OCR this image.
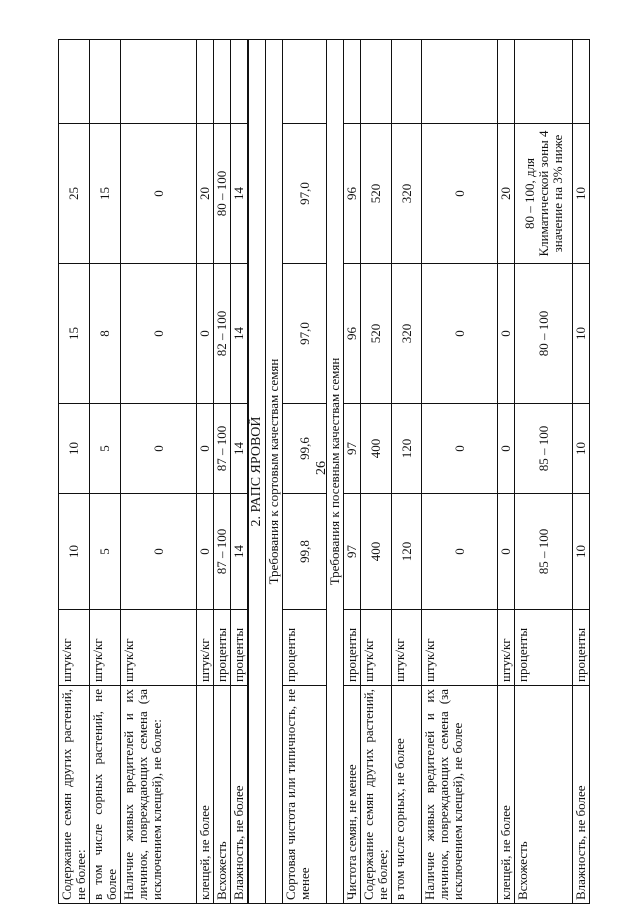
26
Содержание семян других растений, не более:	штук/кг	10	10	15	25	
в том числе сорных растений, не более	штук/кг	5	5	8	15	
Наличие живых вредителей и их личинок, повреждающих семена (за исключением клещей), не более:	штук/кг	0	0	0	0	
клещей, не более	штук/кг	0	0	0	20	
Всхожесть	проценты	87 – 100	87 – 100	82 – 100	80 – 100	
Влажность, не более	проценты	14	14	14	14	
2. РАПС ЯРОВОЙ						
Требования к сортовым качествам семян						
Сортовая чистота или типичность, не менее	проценты	99,8	99,6	97,0	97,0	
Требования к посевным качествам семян						
Чистота семян, не менее	проценты	97	97	96	96	
Содержание семян других растений, не более;	штук/кг	400	400	520	520	
в том числе сорных, не более	штук/кг	120	120	320	320	
Наличие живых вредителей и их личинок, повреждающих семена (за исключением клещей), не более	штук/кг	0	0	0	0	
клещей, не более	штук/кг	0	0	0	20	
Всхожесть	проценты	85 – 100	85 – 100	80 – 100	80 – 100, для Климатической зоны 4 значение на 3% ниже	
Влажность, не более	проценты	10	10	10	10	
